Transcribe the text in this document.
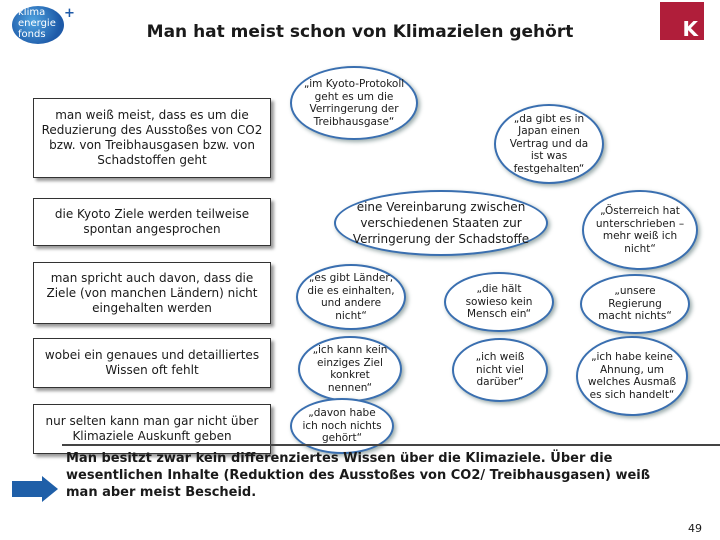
klima
energie
fonds
+
K
Man hat meist schon von Klimazielen gehört
man weiß meist, dass es um die Reduzierung des Ausstoßes von CO2 bzw. von Treibhausgasen bzw. von Schadstoffen geht
die Kyoto Ziele werden teilweise spontan angesprochen
man spricht auch davon, dass die Ziele (von manchen Ländern) nicht eingehalten werden
wobei ein genaues und detailliertes Wissen oft fehlt
nur selten kann man gar nicht über Klimaziele Auskunft geben
„im Kyoto-Protokoll geht es um die Verringerung der Treibhausgase“	„da gibt es in Japan einen Vertrag und da ist was festgehalten“
eine Vereinbarung zwischen verschiedenen Staaten zur Verringerung der Schadstoffe
„Österreich hat unterschrieben – mehr weiß ich nicht“
„es gibt Länder, die es einhalten, und andere nicht“
„die hält sowieso kein Mensch ein“
„unsere Regierung macht nichts“
„ich kann kein einziges Ziel konkret nennen“
„ich weiß nicht viel darüber“
„ich habe keine Ahnung, um welches Ausmaß es sich handelt“
„davon habe ich noch nichts gehört“
Man besitzt zwar kein differenziertes Wissen über die Klimaziele. Über die wesentlichen Inhalte (Reduktion des Ausstoßes von CO2/ Treibhausgasen) weiß man aber meist Bescheid.
49
